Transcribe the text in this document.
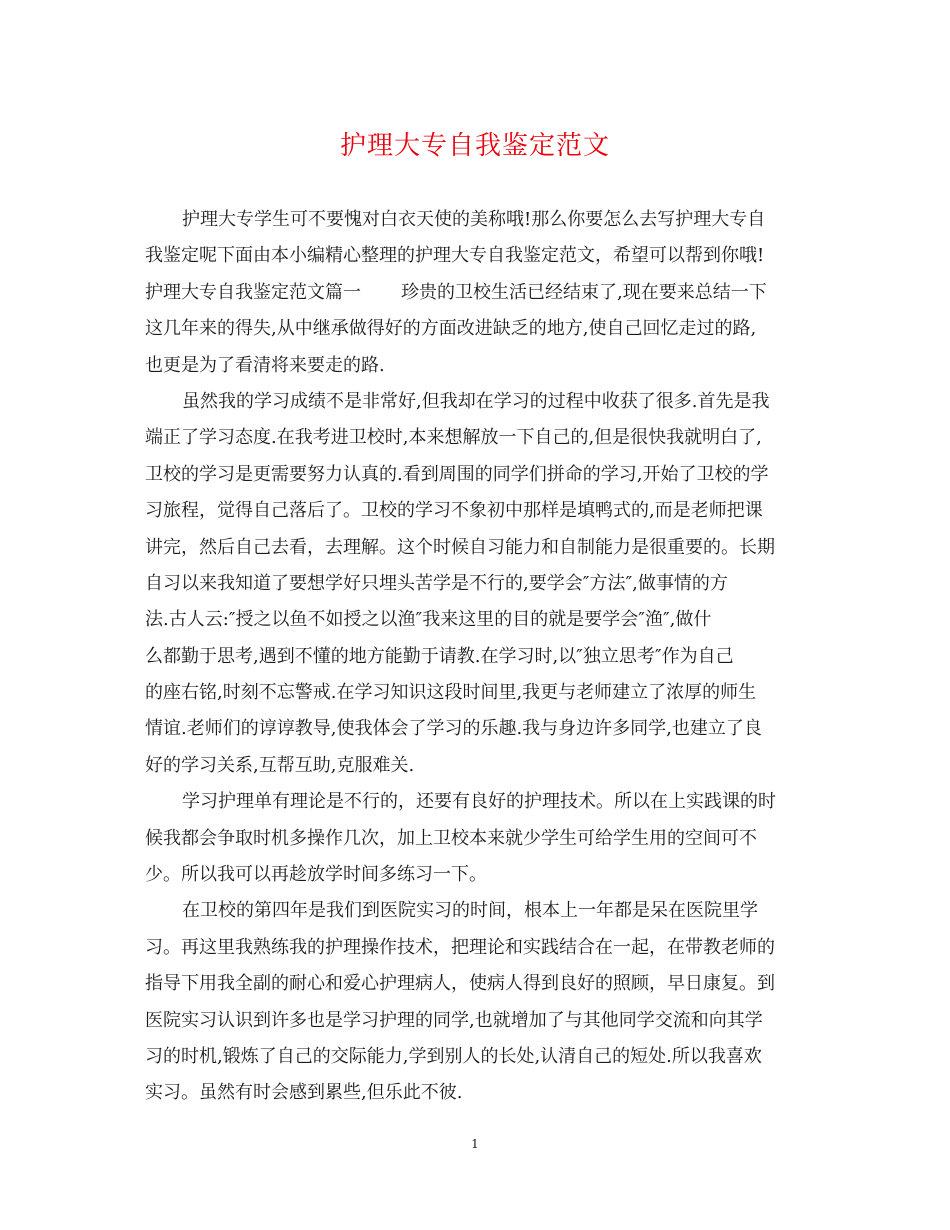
护理大专自我鉴定范文
护理大专学生可不要愧对白衣天使的美称哦!那么你要怎么去写护理大专自
我鉴定呢下面由本小编精心整理的护理大专自我鉴定范文，希望可以帮到你哦!
护理大专自我鉴定范文篇一 珍贵的卫校生活已经结束了,现在要来总结一下
这几年来的得失,从中继承做得好的方面改进缺乏的地方,使自己回忆走过的路,
也更是为了看清将来要走的路.
虽然我的学习成绩不是非常好,但我却在学习的过程中收获了很多.首先是我
端正了学习态度.在我考进卫校时,本来想解放一下自己的,但是很快我就明白了,
卫校的学习是更需要努力认真的.看到周围的同学们拼命的学习,开始了卫校的学
习旅程，觉得自己落后了。卫校的学习不象初中那样是填鸭式的,而是老师把课
讲完，然后自己去看，去理解。这个时候自习能力和自制能力是很重要的。长期
自习以来我知道了要想学好只埋头苦学是不行的,要学会″方法″,做事情的方
法.古人云:″授之以鱼不如授之以渔″我来这里的目的就是要学会″渔″,做什
么都勤于思考,遇到不懂的地方能勤于请教.在学习时,以″独立思考″作为自己
的座右铭,时刻不忘警戒.在学习知识这段时间里,我更与老师建立了浓厚的师生
情谊.老师们的谆谆教导,使我体会了学习的乐趣.我与身边许多同学,也建立了良
好的学习关系,互帮互助,克服难关.
学习护理单有理论是不行的，还要有良好的护理技术。所以在上实践课的时
候我都会争取时机多操作几次，加上卫校本来就少学生可给学生用的空间可不
少。所以我可以再趁放学时间多练习一下。
在卫校的第四年是我们到医院实习的时间，根本上一年都是呆在医院里学
习。再这里我熟练我的护理操作技术，把理论和实践结合在一起，在带教老师的
指导下用我全副的耐心和爱心护理病人，使病人得到良好的照顾，早日康复。到
医院实习认识到许多也是学习护理的同学,也就增加了与其他同学交流和向其学
习的时机,锻炼了自己的交际能力,学到别人的长处,认清自己的短处.所以我喜欢
实习。虽然有时会感到累些,但乐此不彼.
1
